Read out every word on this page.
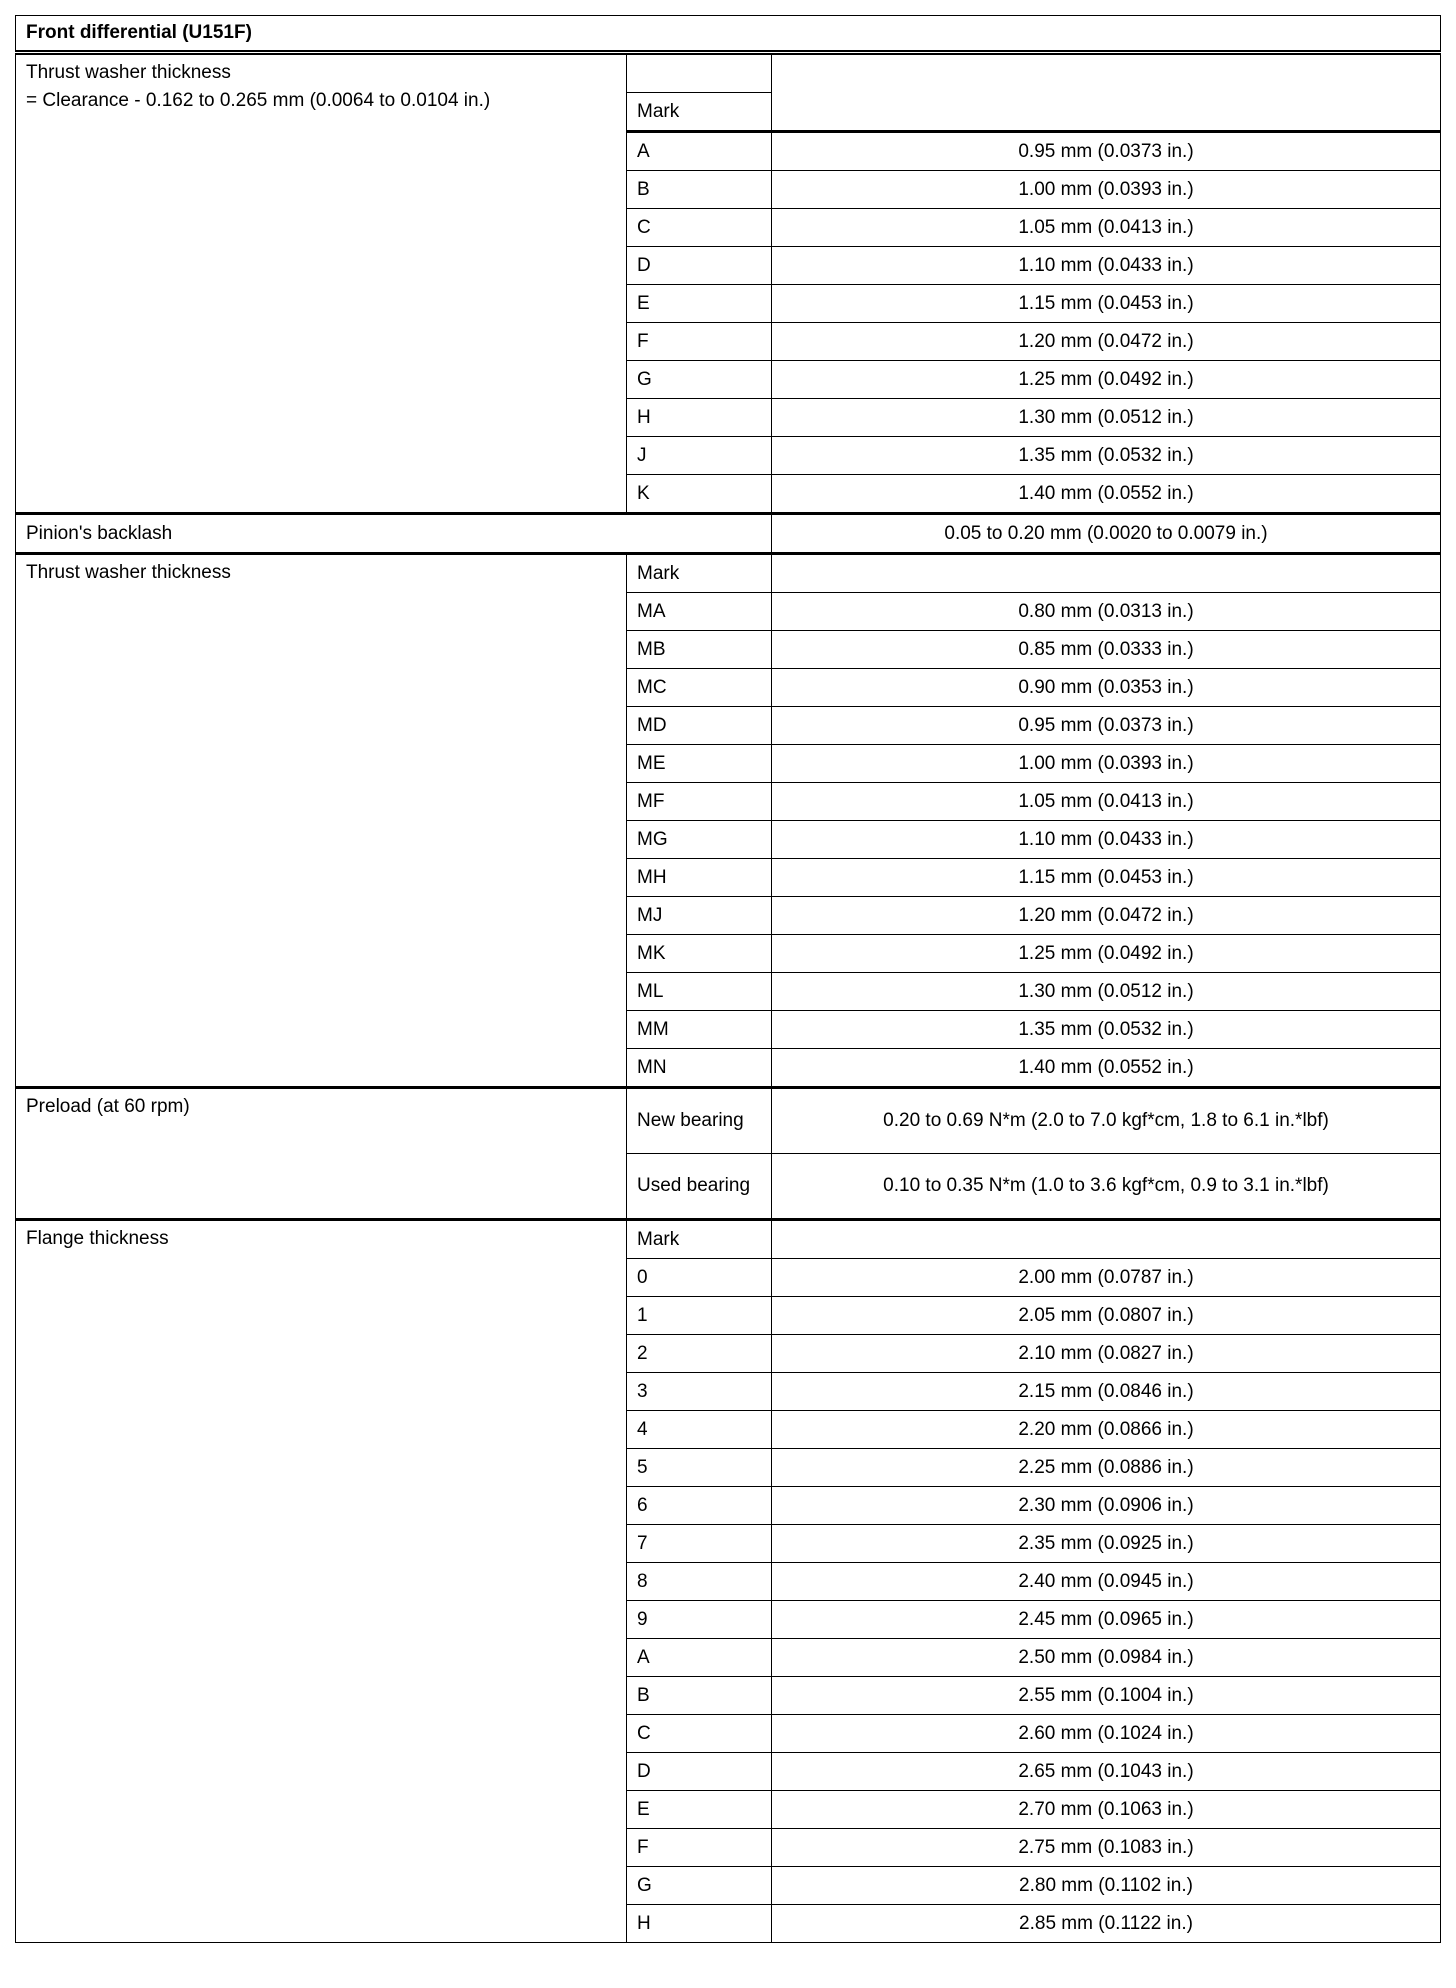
Front differential (U151F)		

Thrust washer thickness
= Clearance - 0.162 to 0.265 mm (0.0064 to 0.0104 in.)		

	Mark	
	A	0.95 mm (0.0373 in.)
	B	1.00 mm (0.0393 in.)
	C	1.05 mm (0.0413 in.)
	D	1.10 mm (0.0433 in.)
	E	1.15 mm (0.0453 in.)
	F	1.20 mm (0.0472 in.)
	G	1.25 mm (0.0492 in.)
	H	1.30 mm (0.0512 in.)
	J	1.35 mm (0.0532 in.)
	K	1.40 mm (0.0552 in.)
Pinion's backlash		0.05 to 0.20 mm (0.0020 to 0.0079 in.)
Thrust washer thickness	Mark	
	MA	0.80 mm (0.0313 in.)
	MB	0.85 mm (0.0333 in.)
	MC	0.90 mm (0.0353 in.)
	MD	0.95 mm (0.0373 in.)
	ME	1.00 mm (0.0393 in.)
	MF	1.05 mm (0.0413 in.)
	MG	1.10 mm (0.0433 in.)
	MH	1.15 mm (0.0453 in.)
	MJ	1.20 mm (0.0472 in.)
	MK	1.25 mm (0.0492 in.)
	ML	1.30 mm (0.0512 in.)
	MM	1.35 mm (0.0532 in.)
	MN	1.40 mm (0.0552 in.)
Preload (at 60 rpm)	New bearing	0.20 to 0.69 N*m (2.0 to 7.0 kgf*cm, 1.8 to 6.1 in.*lbf)
	Used bearing	0.10 to 0.35 N*m (1.0 to 3.6 kgf*cm, 0.9 to 3.1 in.*lbf)
Flange thickness	Mark	
	0	2.00 mm (0.0787 in.)
	1	2.05 mm (0.0807 in.)
	2	2.10 mm (0.0827 in.)
	3	2.15 mm (0.0846 in.)
	4	2.20 mm (0.0866 in.)
	5	2.25 mm (0.0886 in.)
	6	2.30 mm (0.0906 in.)
	7	2.35 mm (0.0925 in.)
	8	2.40 mm (0.0945 in.)
	9	2.45 mm (0.0965 in.)
	A	2.50 mm (0.0984 in.)
	B	2.55 mm (0.1004 in.)
	C	2.60 mm (0.1024 in.)
	D	2.65 mm (0.1043 in.)
	E	2.70 mm (0.1063 in.)
	F	2.75 mm (0.1083 in.)
	G	2.80 mm (0.1102 in.)
	H	2.85 mm (0.1122 in.)
